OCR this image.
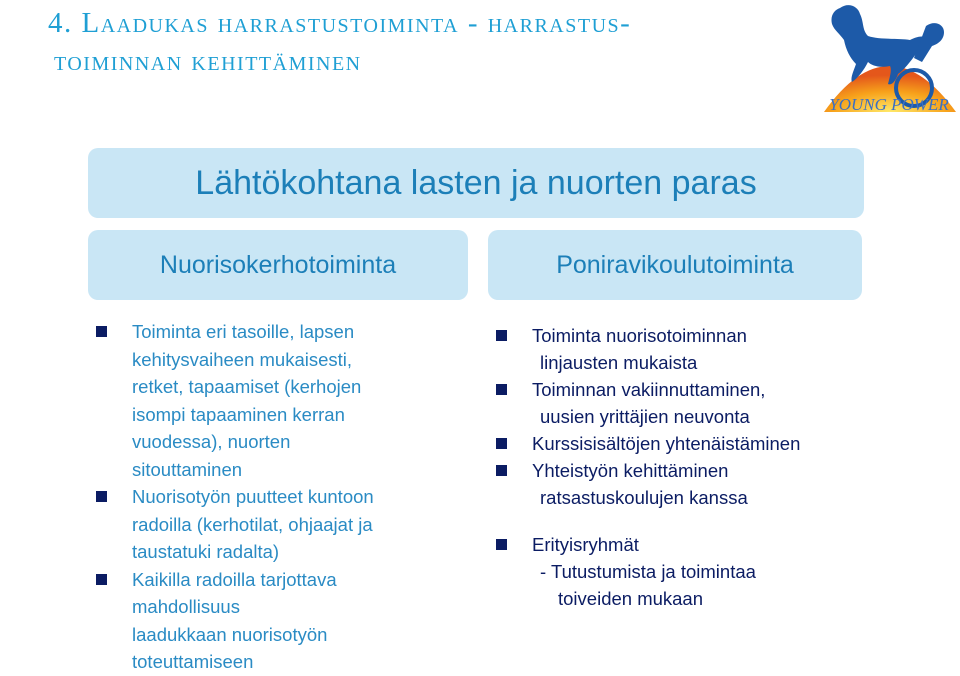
4. Laadukas harrastustoiminta - harrastus-
toiminnan kehittäminen
YOUNG POWER
Lähtökohtana lasten ja nuorten paras
Nuorisokerhotoiminta	Poniravikoulutoiminta
Toiminta eri tasoille, lapsen
kehitysvaiheen mukaisesti,
retket, tapaamiset (kerhojen
isompi tapaaminen kerran
vuodessa), nuorten
sitouttaminen
Nuorisotyön puutteet kuntoon
radoilla (kerhotilat, ohjaajat ja
taustatuki radalta)
Kaikilla radoilla tarjottava
mahdollisuus
laadukkaan nuorisotyön
toteuttamiseen
Toiminta nuorisotoiminnan
linjausten mukaista
Toiminnan vakiinnuttaminen,
uusien yrittäjien neuvonta
Kurssisisältöjen yhtenäistäminen
Yhteistyön kehittäminen
ratsastuskoulujen kanssa
Erityisryhmät
- Tutustumista ja toimintaa
toiveiden mukaan
